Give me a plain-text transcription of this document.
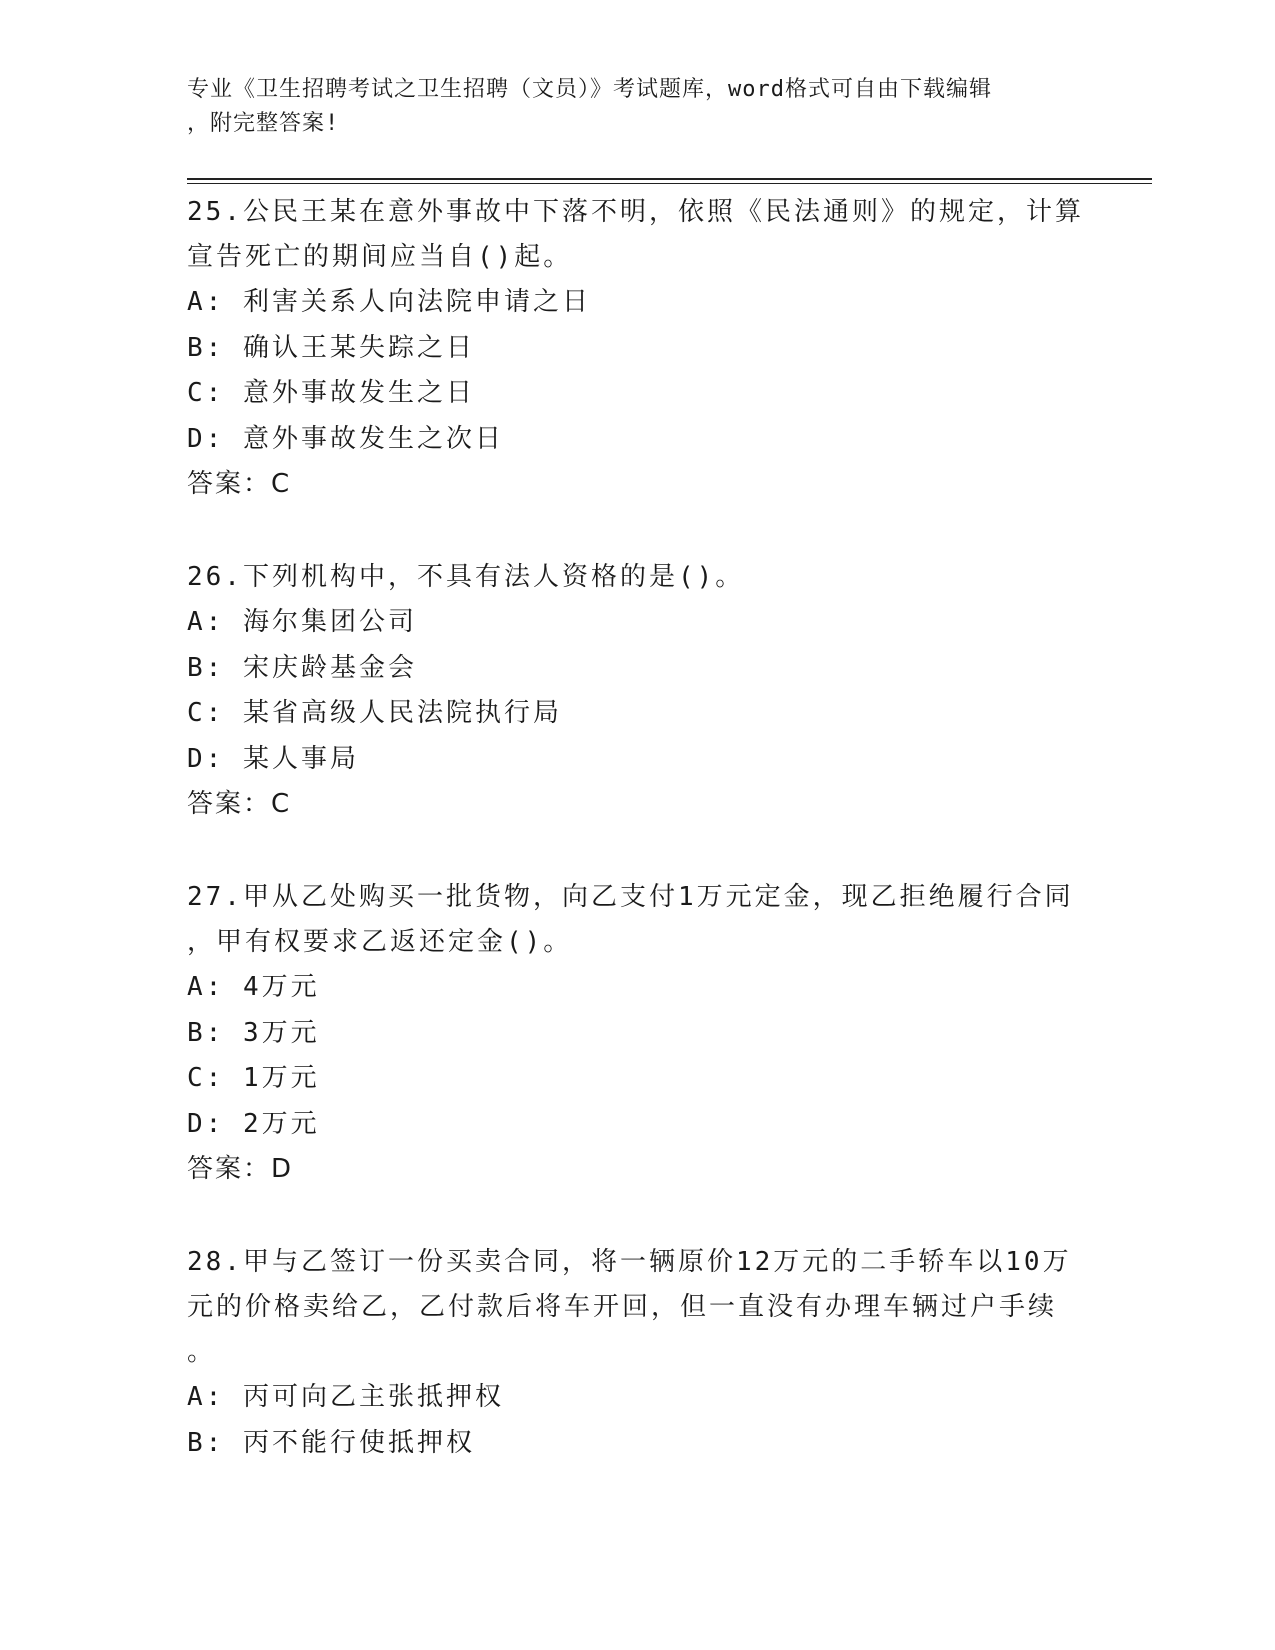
专业《卫生招聘考试之卫生招聘（文员）》考试题库，word格式可自由下载编辑
，附完整答案!
25.公民王某在意外事故中下落不明，依照《民法通则》的规定，计算
宣告死亡的期间应当自()起。
A: 利害关系人向法院申请之日
B: 确认王某失踪之日
C: 意外事故发生之日
D: 意外事故发生之次日
答案：C
26.下列机构中，不具有法人资格的是()。
A: 海尔集团公司
B: 宋庆龄基金会
C: 某省高级人民法院执行局
D: 某人事局
答案：C
27.甲从乙处购买一批货物，向乙支付1万元定金，现乙拒绝履行合同
，甲有权要求乙返还定金()。
A: 4万元
B: 3万元
C: 1万元
D: 2万元
答案：D
28.甲与乙签订一份买卖合同，将一辆原价12万元的二手轿车以10万
元的价格卖给乙，乙付款后将车开回，但一直没有办理车辆过户手续
。
A: 丙可向乙主张抵押权
B: 丙不能行使抵押权
